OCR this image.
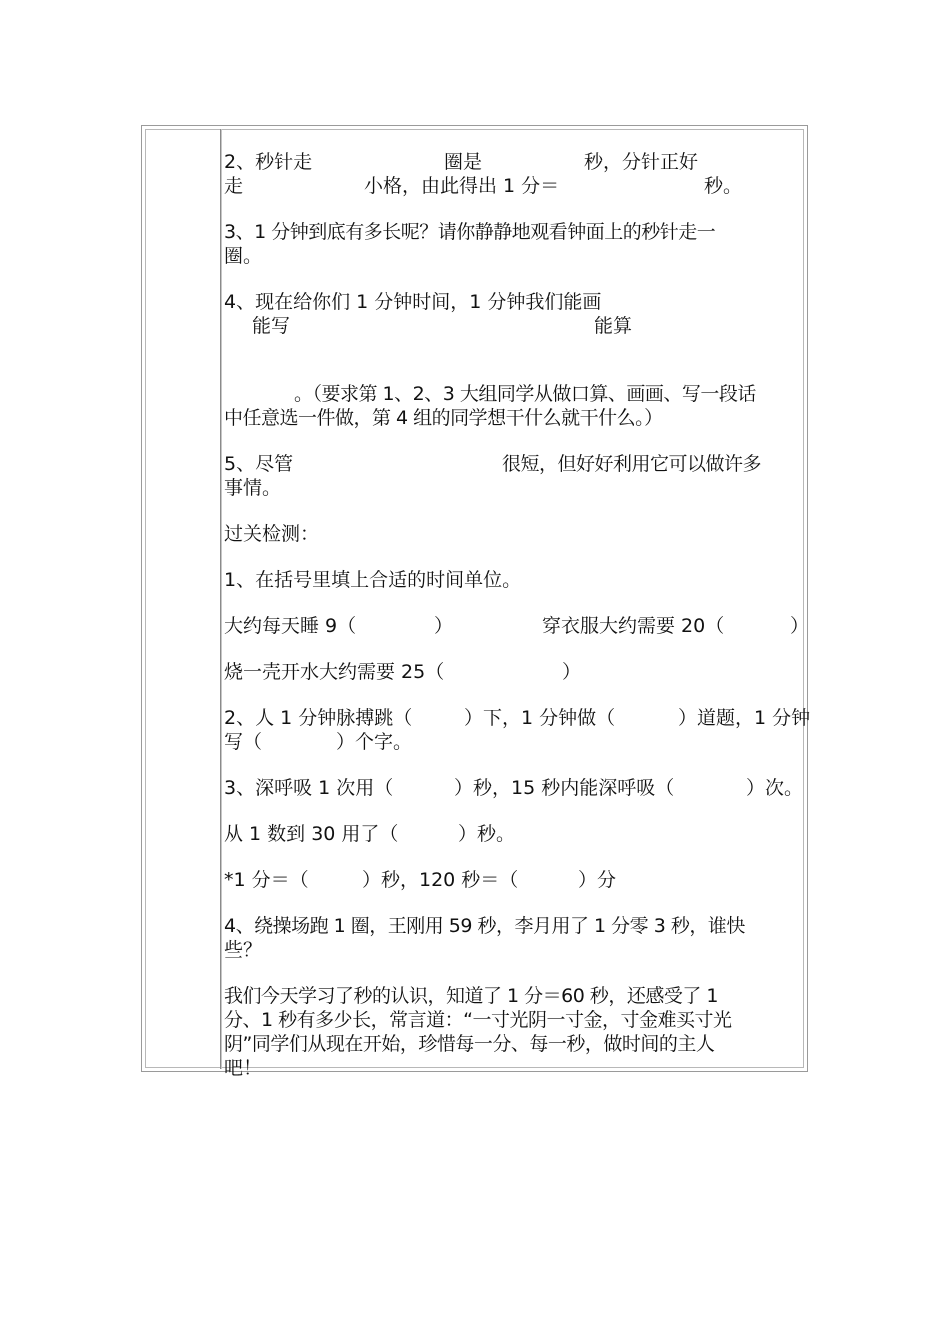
2、秒针走	圈是	秒，分针正好
走	小格，由此得出 1 分＝	秒。
3、1 分钟到底有多长呢？请你静静地观看钟面上的秒针走一
圈。
4、现在给你们 1 分钟时间，1 分钟我们能画
能写	能算
。（要求第 1、2、3 大组同学从做口算、画画、写一段话
中任意选一件做，第 4 组的同学想干什么就干什么。）
5、尽管	很短，但好好利用它可以做许多
事情。
过关检测：
1、在括号里填上合适的时间单位。
大约每天睡 9（	）	穿衣服大约需要 20（	）
烧一壳开水大约需要 25（	）
2、人 1 分钟脉搏跳（	）下，1 分钟做（	）道题，1 分钟
写（	）个字。
3、深呼吸 1 次用（	）秒，15 秒内能深呼吸（	）次。
从 1 数到 30 用了（	）秒。
*1 分＝（	）秒，120 秒＝（	）分
4、绕操场跑 1 圈，王刚用 59 秒，李月用了 1 分零 3 秒，谁快
些？
我们今天学习了秒的认识，知道了 1 分＝60 秒，还感受了 1
分、1 秒有多少长，常言道：“一寸光阴一寸金，寸金难买寸光
阴”同学们从现在开始，珍惜每一分、每一秒，做时间的主人
吧！
